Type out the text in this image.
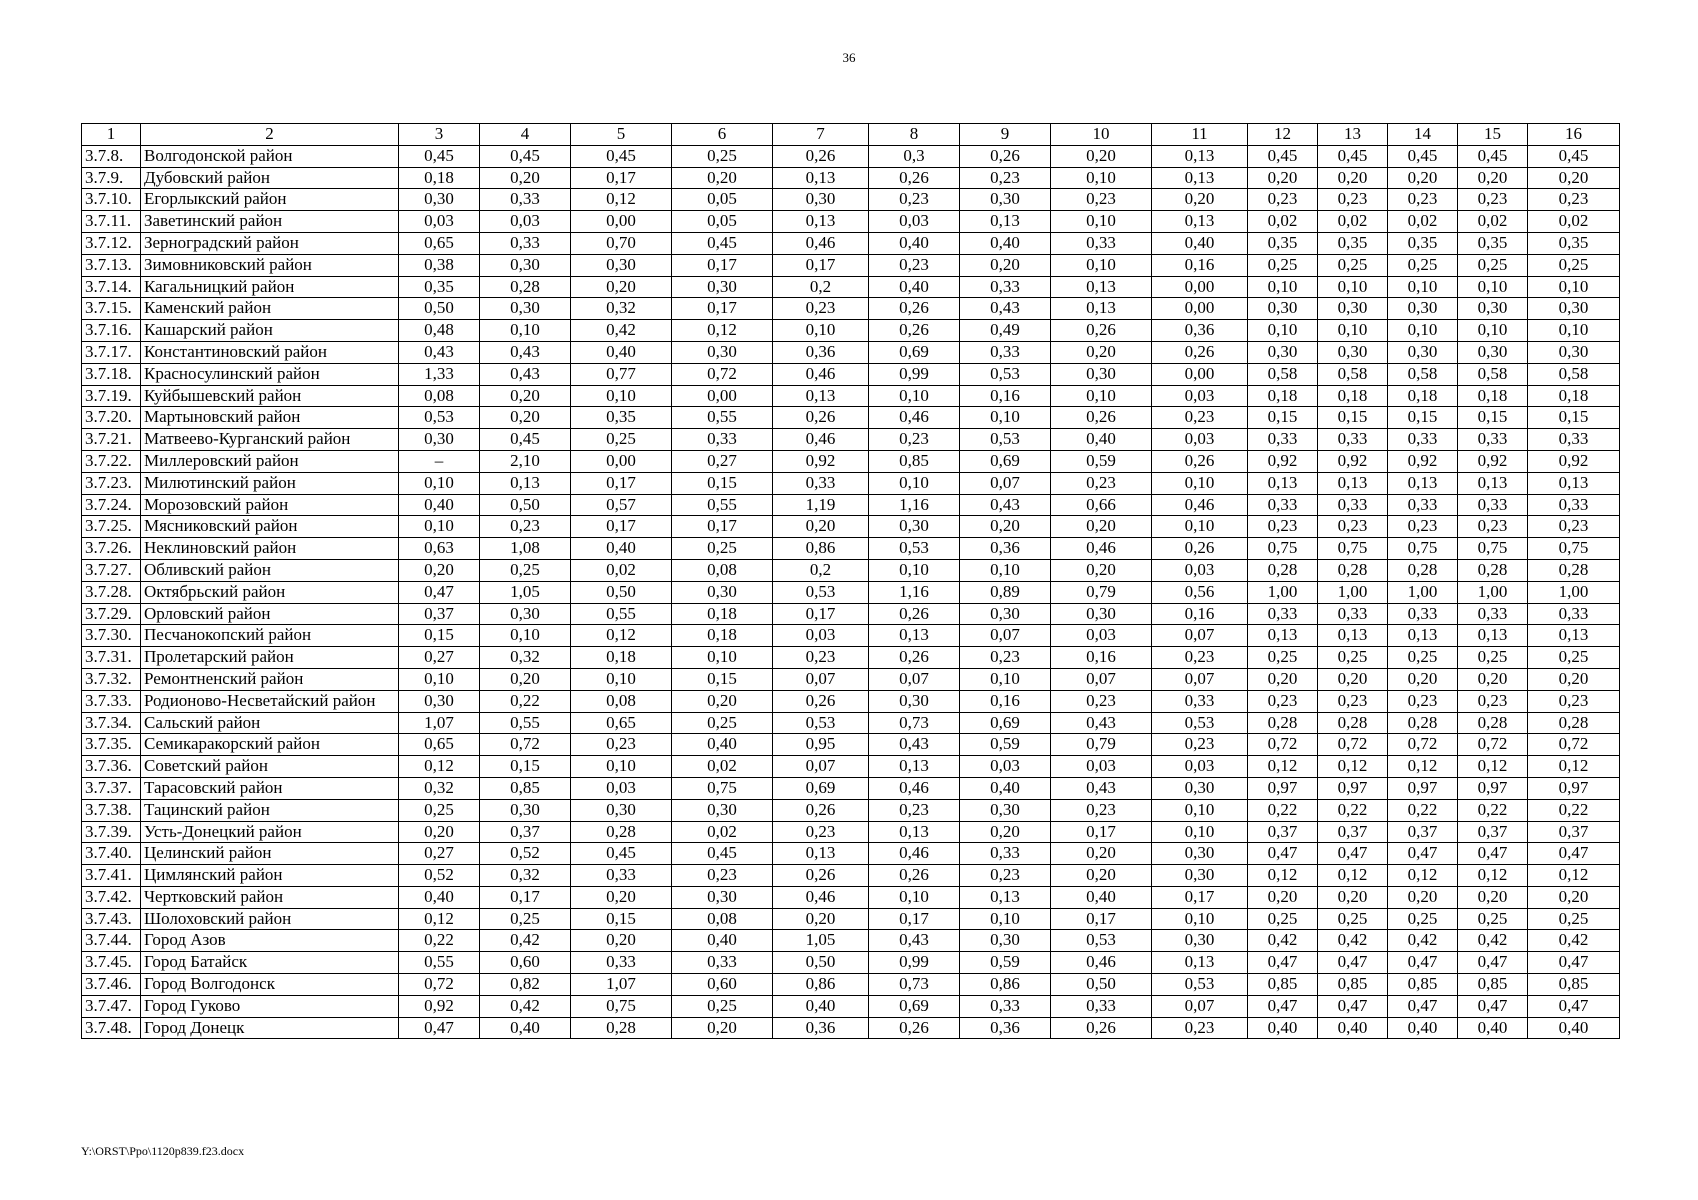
36
1	2	3	4	5	6	7	8	9	10	11	12	13	14	15	16
3.7.8.	Волгодонской район	0,45	0,45	0,45	0,25	0,26	0,3	0,26	0,20	0,13	0,45	0,45	0,45	0,45	0,45
3.7.9.	Дубовский район	0,18	0,20	0,17	0,20	0,13	0,26	0,23	0,10	0,13	0,20	0,20	0,20	0,20	0,20
3.7.10.	Егорлыкский район	0,30	0,33	0,12	0,05	0,30	0,23	0,30	0,23	0,20	0,23	0,23	0,23	0,23	0,23
3.7.11.	Заветинский район	0,03	0,03	0,00	0,05	0,13	0,03	0,13	0,10	0,13	0,02	0,02	0,02	0,02	0,02
3.7.12.	Зерноградский район	0,65	0,33	0,70	0,45	0,46	0,40	0,40	0,33	0,40	0,35	0,35	0,35	0,35	0,35
3.7.13.	Зимовниковский район	0,38	0,30	0,30	0,17	0,17	0,23	0,20	0,10	0,16	0,25	0,25	0,25	0,25	0,25
3.7.14.	Кагальницкий район	0,35	0,28	0,20	0,30	0,2	0,40	0,33	0,13	0,00	0,10	0,10	0,10	0,10	0,10
3.7.15.	Каменский район	0,50	0,30	0,32	0,17	0,23	0,26	0,43	0,13	0,00	0,30	0,30	0,30	0,30	0,30
3.7.16.	Кашарский район	0,48	0,10	0,42	0,12	0,10	0,26	0,49	0,26	0,36	0,10	0,10	0,10	0,10	0,10
3.7.17.	Константиновский район	0,43	0,43	0,40	0,30	0,36	0,69	0,33	0,20	0,26	0,30	0,30	0,30	0,30	0,30
3.7.18.	Красносулинский район	1,33	0,43	0,77	0,72	0,46	0,99	0,53	0,30	0,00	0,58	0,58	0,58	0,58	0,58
3.7.19.	Куйбышевский район	0,08	0,20	0,10	0,00	0,13	0,10	0,16	0,10	0,03	0,18	0,18	0,18	0,18	0,18
3.7.20.	Мартыновский район	0,53	0,20	0,35	0,55	0,26	0,46	0,10	0,26	0,23	0,15	0,15	0,15	0,15	0,15
3.7.21.	Матвеево-Курганский район	0,30	0,45	0,25	0,33	0,46	0,23	0,53	0,40	0,03	0,33	0,33	0,33	0,33	0,33
3.7.22.	Миллеровский район	–	2,10	0,00	0,27	0,92	0,85	0,69	0,59	0,26	0,92	0,92	0,92	0,92	0,92
3.7.23.	Милютинский район	0,10	0,13	0,17	0,15	0,33	0,10	0,07	0,23	0,10	0,13	0,13	0,13	0,13	0,13
3.7.24.	Морозовский район	0,40	0,50	0,57	0,55	1,19	1,16	0,43	0,66	0,46	0,33	0,33	0,33	0,33	0,33
3.7.25.	Мясниковский район	0,10	0,23	0,17	0,17	0,20	0,30	0,20	0,20	0,10	0,23	0,23	0,23	0,23	0,23
3.7.26.	Неклиновский район	0,63	1,08	0,40	0,25	0,86	0,53	0,36	0,46	0,26	0,75	0,75	0,75	0,75	0,75
3.7.27.	Обливский район	0,20	0,25	0,02	0,08	0,2	0,10	0,10	0,20	0,03	0,28	0,28	0,28	0,28	0,28
3.7.28.	Октябрьский район	0,47	1,05	0,50	0,30	0,53	1,16	0,89	0,79	0,56	1,00	1,00	1,00	1,00	1,00
3.7.29.	Орловский район	0,37	0,30	0,55	0,18	0,17	0,26	0,30	0,30	0,16	0,33	0,33	0,33	0,33	0,33
3.7.30.	Песчанокопский район	0,15	0,10	0,12	0,18	0,03	0,13	0,07	0,03	0,07	0,13	0,13	0,13	0,13	0,13
3.7.31.	Пролетарский район	0,27	0,32	0,18	0,10	0,23	0,26	0,23	0,16	0,23	0,25	0,25	0,25	0,25	0,25
3.7.32.	Ремонтненский район	0,10	0,20	0,10	0,15	0,07	0,07	0,10	0,07	0,07	0,20	0,20	0,20	0,20	0,20
3.7.33.	Родионово-Несветайский район	0,30	0,22	0,08	0,20	0,26	0,30	0,16	0,23	0,33	0,23	0,23	0,23	0,23	0,23
3.7.34.	Сальский район	1,07	0,55	0,65	0,25	0,53	0,73	0,69	0,43	0,53	0,28	0,28	0,28	0,28	0,28
3.7.35.	Семикаракорский район	0,65	0,72	0,23	0,40	0,95	0,43	0,59	0,79	0,23	0,72	0,72	0,72	0,72	0,72
3.7.36.	Советский район	0,12	0,15	0,10	0,02	0,07	0,13	0,03	0,03	0,03	0,12	0,12	0,12	0,12	0,12
3.7.37.	Тарасовский район	0,32	0,85	0,03	0,75	0,69	0,46	0,40	0,43	0,30	0,97	0,97	0,97	0,97	0,97
3.7.38.	Тацинский район	0,25	0,30	0,30	0,30	0,26	0,23	0,30	0,23	0,10	0,22	0,22	0,22	0,22	0,22
3.7.39.	Усть-Донецкий район	0,20	0,37	0,28	0,02	0,23	0,13	0,20	0,17	0,10	0,37	0,37	0,37	0,37	0,37
3.7.40.	Целинский район	0,27	0,52	0,45	0,45	0,13	0,46	0,33	0,20	0,30	0,47	0,47	0,47	0,47	0,47
3.7.41.	Цимлянский район	0,52	0,32	0,33	0,23	0,26	0,26	0,23	0,20	0,30	0,12	0,12	0,12	0,12	0,12
3.7.42.	Чертковский район	0,40	0,17	0,20	0,30	0,46	0,10	0,13	0,40	0,17	0,20	0,20	0,20	0,20	0,20
3.7.43.	Шолоховский район	0,12	0,25	0,15	0,08	0,20	0,17	0,10	0,17	0,10	0,25	0,25	0,25	0,25	0,25
3.7.44.	Город Азов	0,22	0,42	0,20	0,40	1,05	0,43	0,30	0,53	0,30	0,42	0,42	0,42	0,42	0,42
3.7.45.	Город Батайск	0,55	0,60	0,33	0,33	0,50	0,99	0,59	0,46	0,13	0,47	0,47	0,47	0,47	0,47
3.7.46.	Город Волгодонск	0,72	0,82	1,07	0,60	0,86	0,73	0,86	0,50	0,53	0,85	0,85	0,85	0,85	0,85
3.7.47.	Город Гуково	0,92	0,42	0,75	0,25	0,40	0,69	0,33	0,33	0,07	0,47	0,47	0,47	0,47	0,47
3.7.48.	Город Донецк	0,47	0,40	0,28	0,20	0,36	0,26	0,36	0,26	0,23	0,40	0,40	0,40	0,40	0,40
Y:\ORST\Ppo\1120p839.f23.docx
